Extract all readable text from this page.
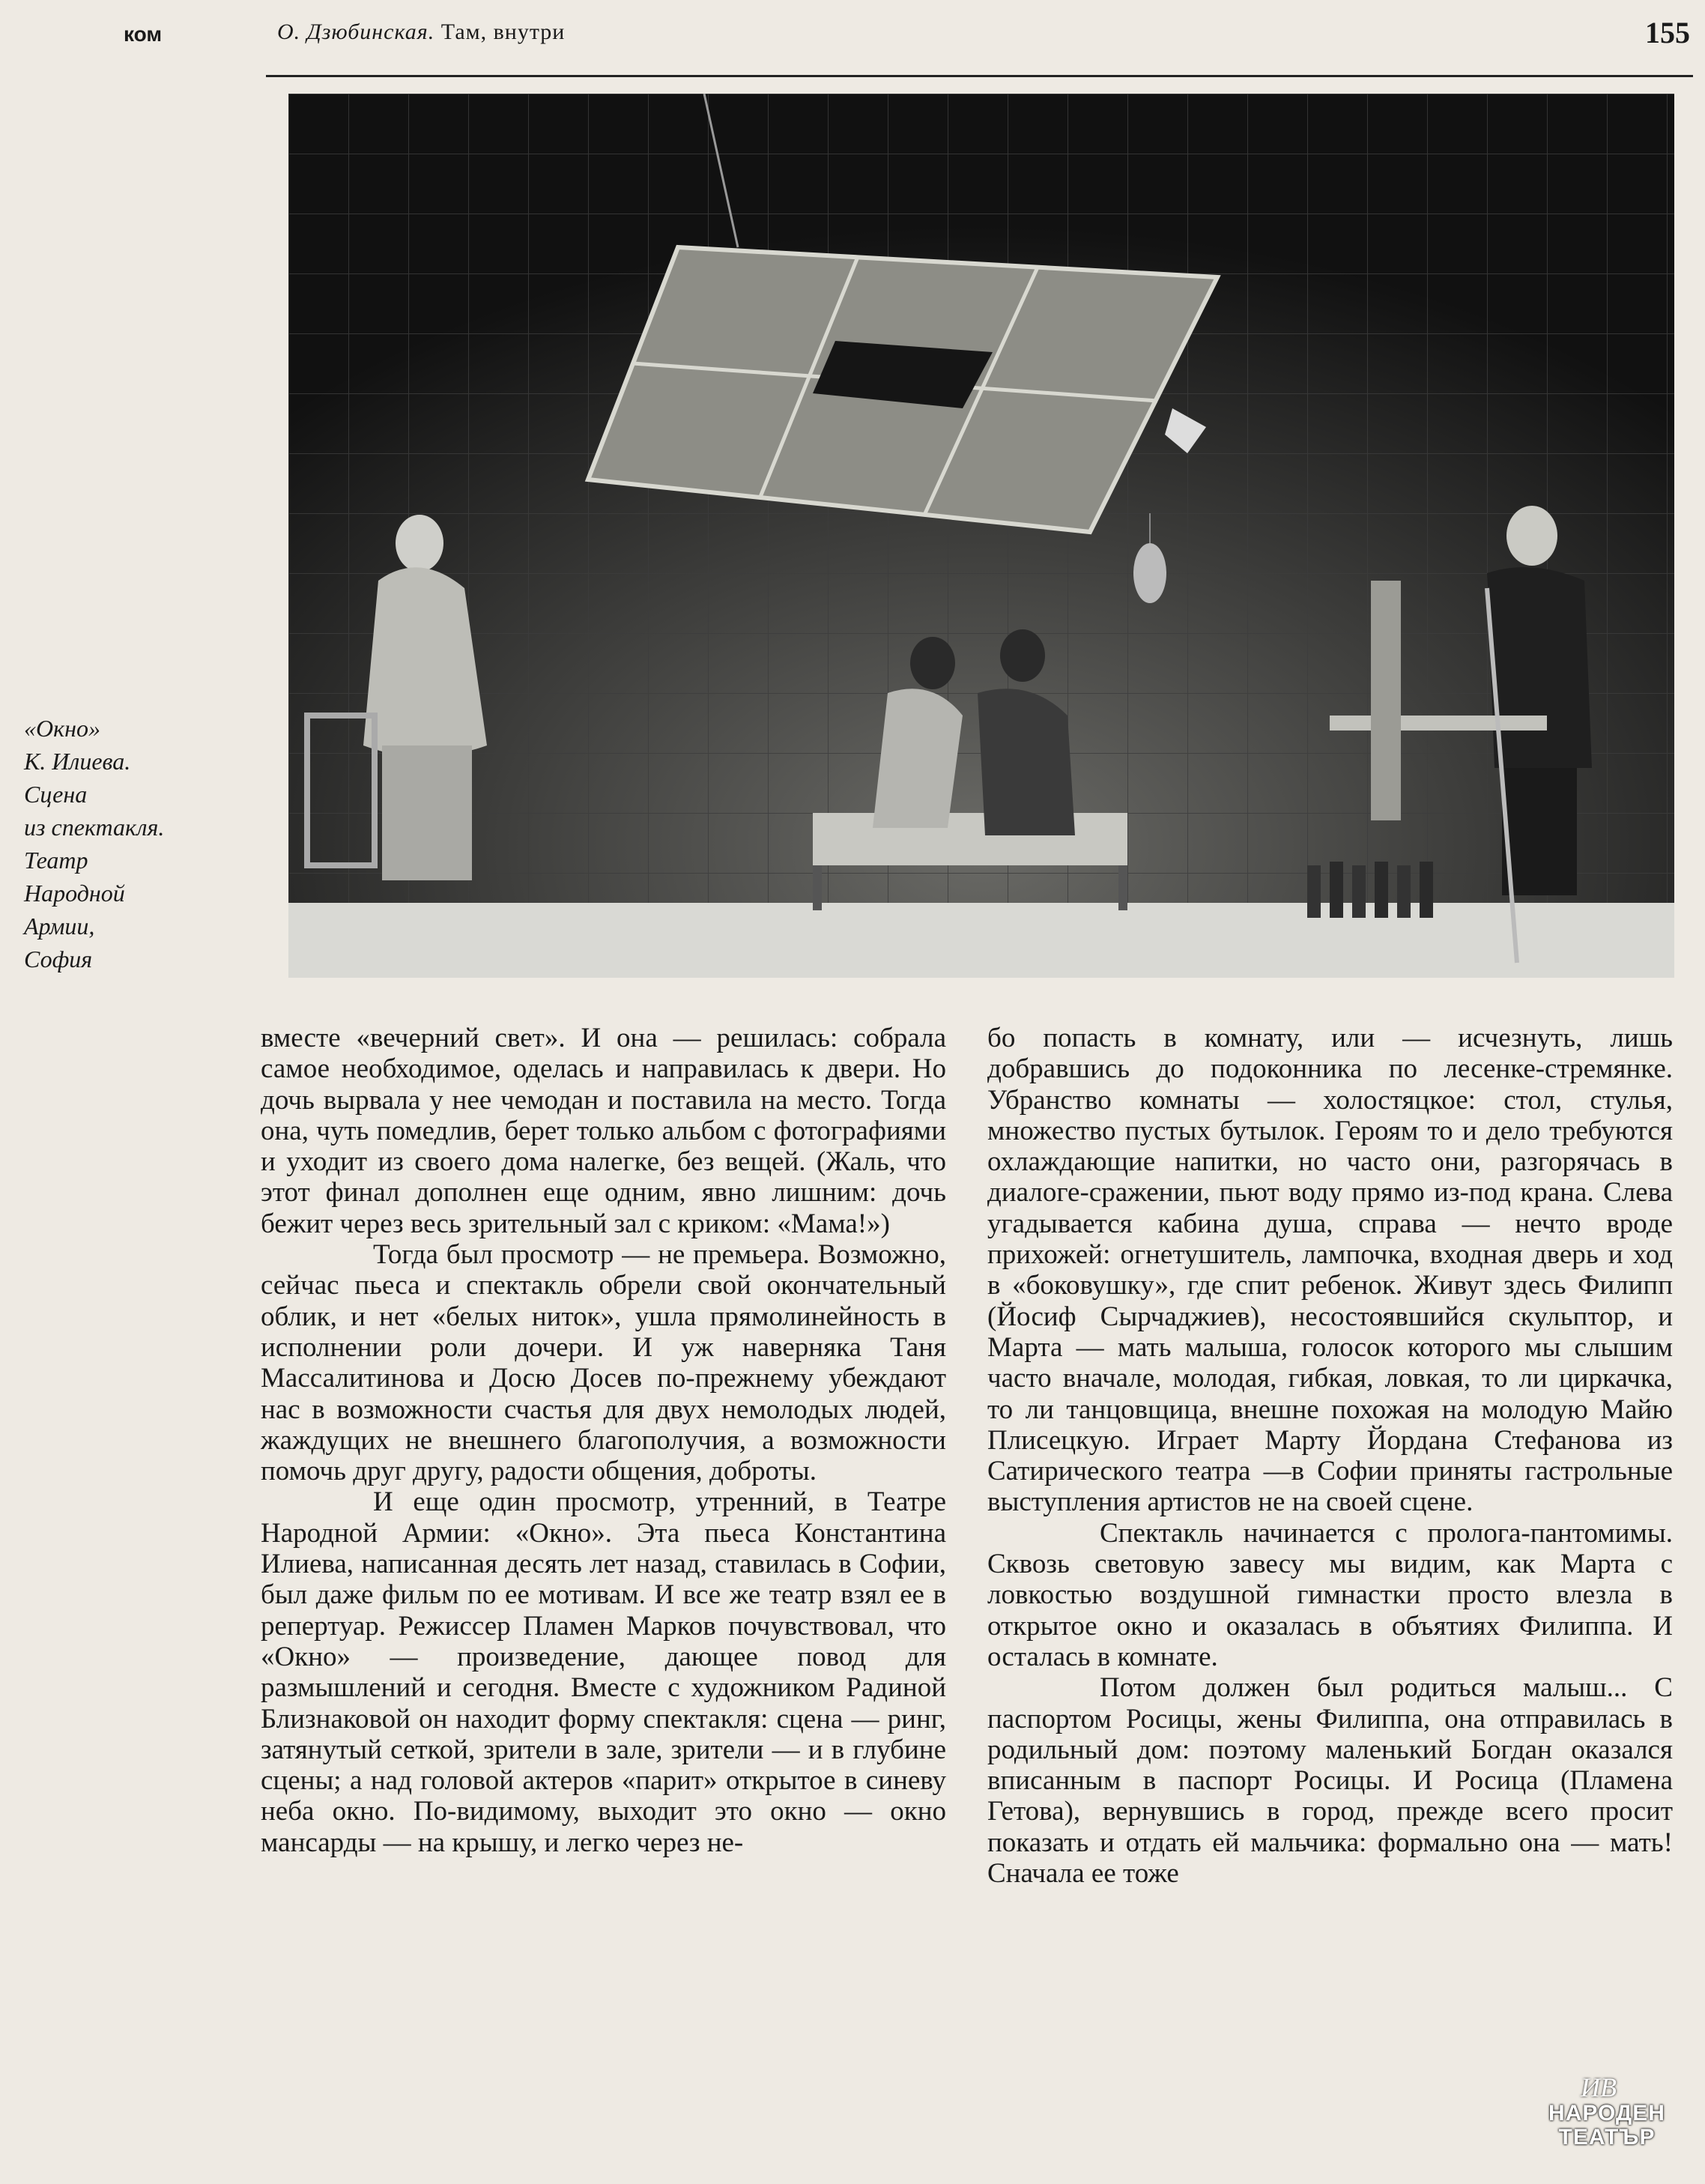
ком	О. Дзюбинская. Там, внутри	155
«Окно»
К. Илиева.
Сцена
из спектакля.
Театр
Народной
Армии,
София

вместе «вечерний свет». И она — решилась: собрала самое необходимое, оделась и направилась к двери. Но дочь вырвала у нее чемодан и поставила на место. Тогда она, чуть помедлив, берет только альбом с фотографиями и уходит из своего дома налегке, без вещей. (Жаль, что этот финал дополнен еще одним, явно лишним: дочь бежит через весь зрительный зал с криком: «Мама!»)

Тогда был просмотр — не премьера. Возможно, сейчас пьеса и спектакль обрели свой окончательный облик, и нет «белых ниток», ушла прямолинейность в исполнении роли дочери. И уж наверняка Таня Массалитинова и Досю Досев по-прежнему убеждают нас в возможности счастья для двух немолодых людей, жаждущих не внешнего благополучия, а возможности помочь друг другу, радости общения, доброты.

И еще один просмотр, утренний, в Театре Народной Армии: «Окно». Эта пьеса Константина Илиева, написанная десять лет назад, ставилась в Софии, был даже фильм по ее мотивам. И все же театр взял ее в репертуар. Режиссер Пламен Марков почувствовал, что «Окно» — произведение, дающее повод для размышлений и сегодня. Вместе с художником Радиной Близнаковой он находит форму спектакля: сцена — ринг, затянутый сеткой, зрители в зале, зрители — и в глубине сцены; а над головой актеров «парит» открытое в синеву неба окно. По-видимому, выходит это окно — окно мансарды — на крышу, и легко через не-

бо попасть в комнату, или — исчезнуть, лишь добравшись до подоконника по лесенке-стремянке. Убранство комнаты — холостяцкое: стол, стулья, множество пустых бутылок. Героям то и дело требуются охлаждающие напитки, но часто они, разгорячась в диалоге-сражении, пьют воду прямо из-под крана. Слева угадывается кабина душа, справа — нечто вроде прихожей: огнетушитель, лампочка, входная дверь и ход в «боковушку», где спит ребенок. Живут здесь Филипп (Йосиф Сырчаджиев), несостоявшийся скульптор, и Марта — мать малыша, голосок которого мы слышим часто вначале, молодая, гибкая, ловкая, то ли циркачка, то ли танцовщица, внешне похожая на молодую Майю Плисецкую. Играет Марту Йордана Стефанова из Сатирического театра —в Софии приняты гастрольные выступления артистов не на своей сцене.

Спектакль начинается с пролога-пантомимы. Сквозь световую завесу мы видим, как Марта с ловкостью воздушной гимнастки просто влезла в открытое окно и оказалась в объятиях Филиппа. И осталась в комнате.

Потом должен был родиться малыш... С паспортом Росицы, жены Филиппа, она отправилась в родильный дом: поэтому маленький Богдан оказался вписанным в паспорт Росицы. И Росица (Пламена Гетова), вернувшись в город, прежде всего просит показать и отдать ей мальчика: формально она — мать! Сначала ее тоже

ИВ
НАРОДЕН
ТЕАТЪР
